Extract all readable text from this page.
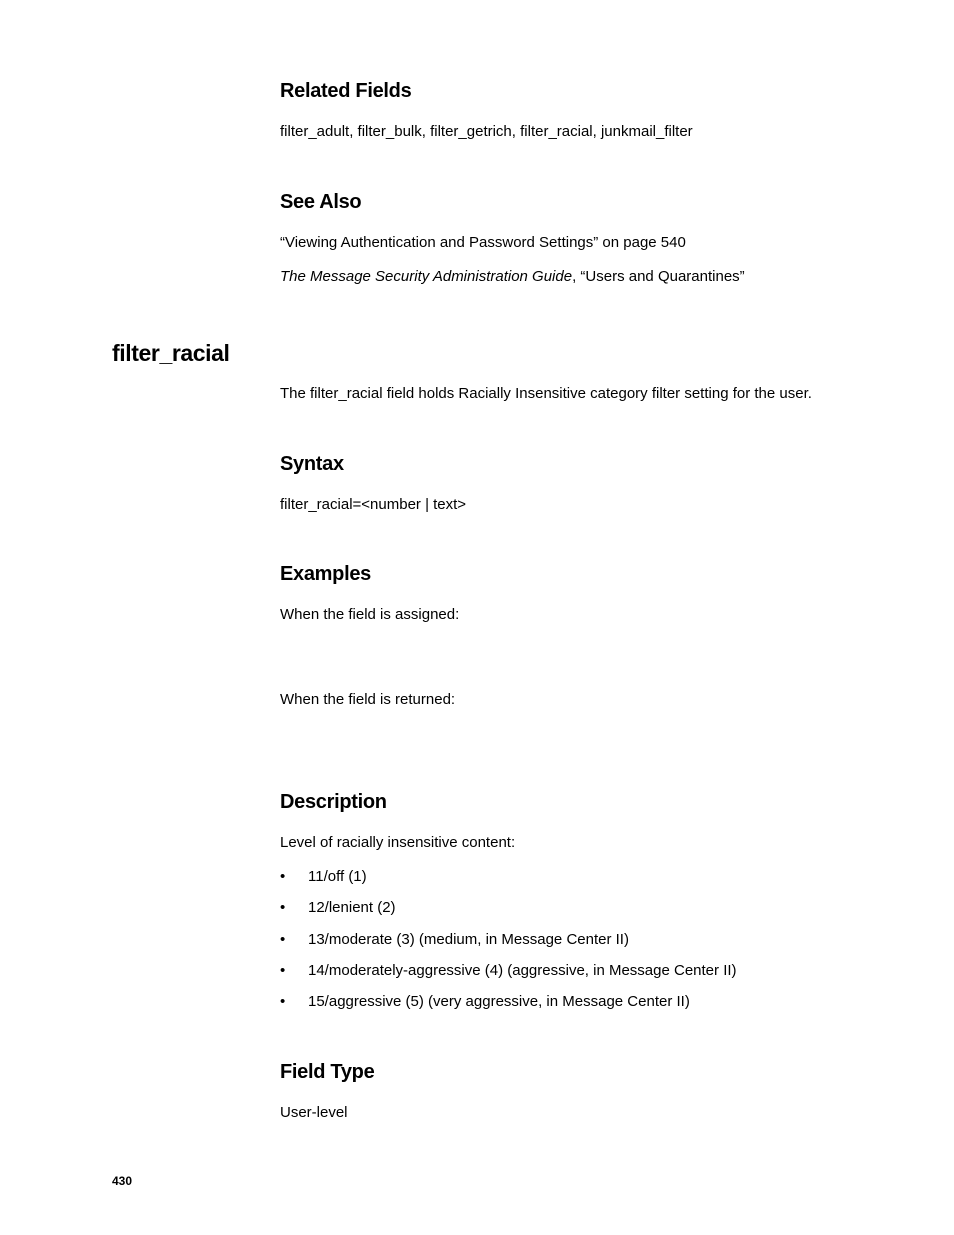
Related Fields
filter_adult, filter_bulk, filter_getrich, filter_racial, junkmail_filter
See Also
“Viewing Authentication and Password Settings” on page 540
The Message Security Administration Guide, “Users and Quarantines”
filter_racial
The filter_racial field holds Racially Insensitive category filter setting for the user.
Syntax
filter_racial=<number | text>
Examples
When the field is assigned:
When the field is returned:
Description
Level of racially insensitive content:
• 11/off (1)
• 12/lenient (2)
• 13/moderate (3) (medium, in Message Center II)
• 14/moderately-aggressive (4) (aggressive, in Message Center II)
• 15/aggressive (5) (very aggressive, in Message Center II)
Field Type
User-level
430
